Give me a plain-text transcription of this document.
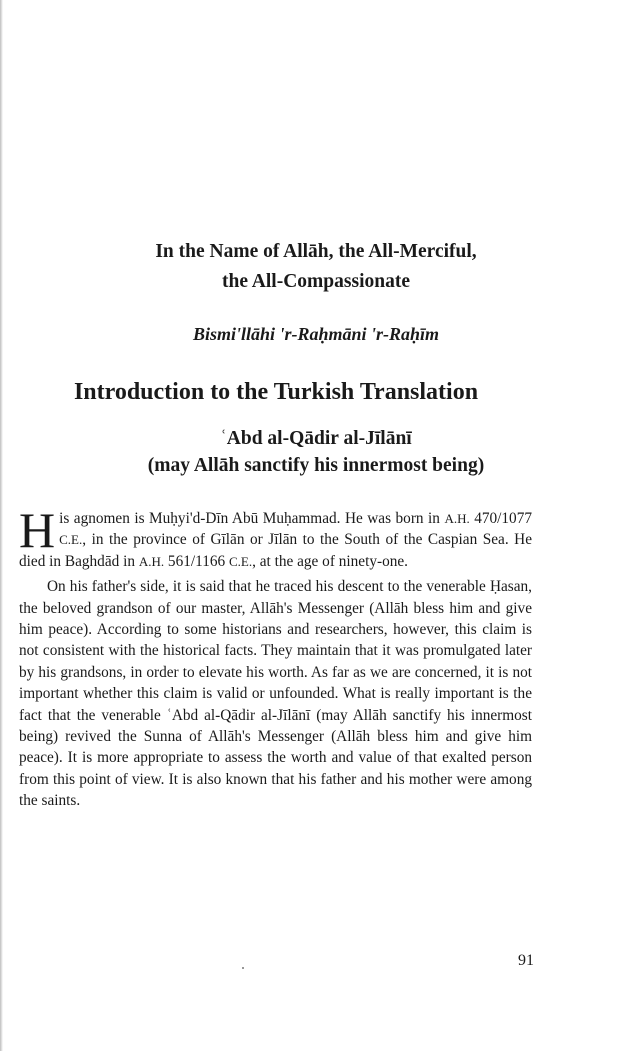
In the Name of Allāh, the All-Merciful,
the All-Compassionate
Bismi'llāhi 'r-Raḥmāni 'r-Raḥīm
Introduction to the Turkish Translation
ʿAbd al-Qādir al-Jīlānī
(may Allāh sanctify his innermost being)

His agnomen is Muḥyi'd-Dīn Abū Muḥammad. He was born in A.H. 470/1077 C.E., in the province of Gīlān or Jīlān to the South of the Caspian Sea. He died in Baghdād in A.H. 561/1166 C.E., at the age of ninety-one.

On his father's side, it is said that he traced his descent to the venerable Ḥasan, the beloved grandson of our master, Allāh's Messenger (Allāh bless him and give him peace). According to some historians and researchers, however, this claim is not consistent with the historical facts. They maintain that it was promulgated later by his grandsons, in order to elevate his worth. As far as we are concerned, it is not important whether this claim is valid or unfounded. What is really important is the fact that the venerable ʿAbd al-Qādir al-Jīlānī (may Allāh sanctify his innermost being) revived the Sunna of Allāh's Messenger (Allāh bless him and give him peace). It is more appropriate to assess the worth and value of that exalted person from this point of view. It is also known that his father and his mother were among the saints.

91
